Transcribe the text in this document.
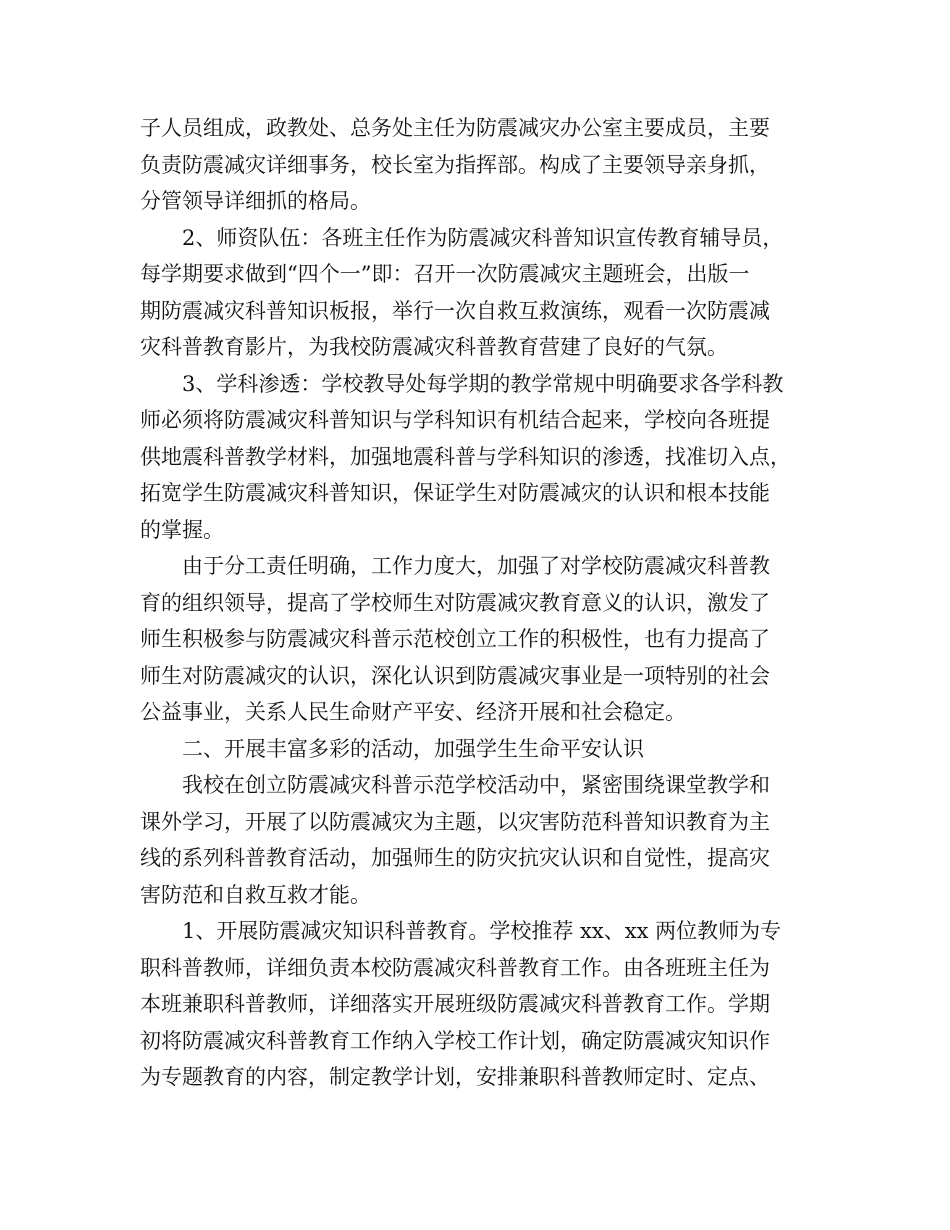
子人员组成，政教处、总务处主任为防震减灾办公室主要成员，主要
负责防震减灾详细事务，校长室为指挥部。构成了主要领导亲身抓，
分管领导详细抓的格局。
2、师资队伍：各班主任作为防震减灾科普知识宣传教育辅导员，
每学期要求做到“四个一”即：召开一次防震减灾主题班会，出版一
期防震减灾科普知识板报，举行一次自救互救演练，观看一次防震减
灾科普教育影片，为我校防震减灾科普教育营建了良好的气氛。
3、学科渗透：学校教导处每学期的教学常规中明确要求各学科教
师必须将防震减灾科普知识与学科知识有机结合起来，学校向各班提
供地震科普教学材料，加强地震科普与学科知识的渗透，找准切入点，
拓宽学生防震减灾科普知识，保证学生对防震减灾的认识和根本技能
的掌握。
由于分工责任明确，工作力度大，加强了对学校防震减灾科普教
育的组织领导，提高了学校师生对防震减灾教育意义的认识，激发了
师生积极参与防震减灾科普示范校创立工作的积极性，也有力提高了
师生对防震减灾的认识，深化认识到防震减灾事业是一项特别的社会
公益事业，关系人民生命财产平安、经济开展和社会稳定。
二、开展丰富多彩的活动，加强学生生命平安认识
我校在创立防震减灾科普示范学校活动中，紧密围绕课堂教学和
课外学习，开展了以防震减灾为主题，以灾害防范科普知识教育为主
线的系列科普教育活动，加强师生的防灾抗灾认识和自觉性，提高灾
害防范和自救互救才能。
1、开展防震减灾知识科普教育。学校推荐 xx、xx 两位教师为专
职科普教师，详细负责本校防震减灾科普教育工作。由各班班主任为
本班兼职科普教师，详细落实开展班级防震减灾科普教育工作。学期
初将防震减灾科普教育工作纳入学校工作计划，确定防震减灾知识作
为专题教育的内容，制定教学计划，安排兼职科普教师定时、定点、
